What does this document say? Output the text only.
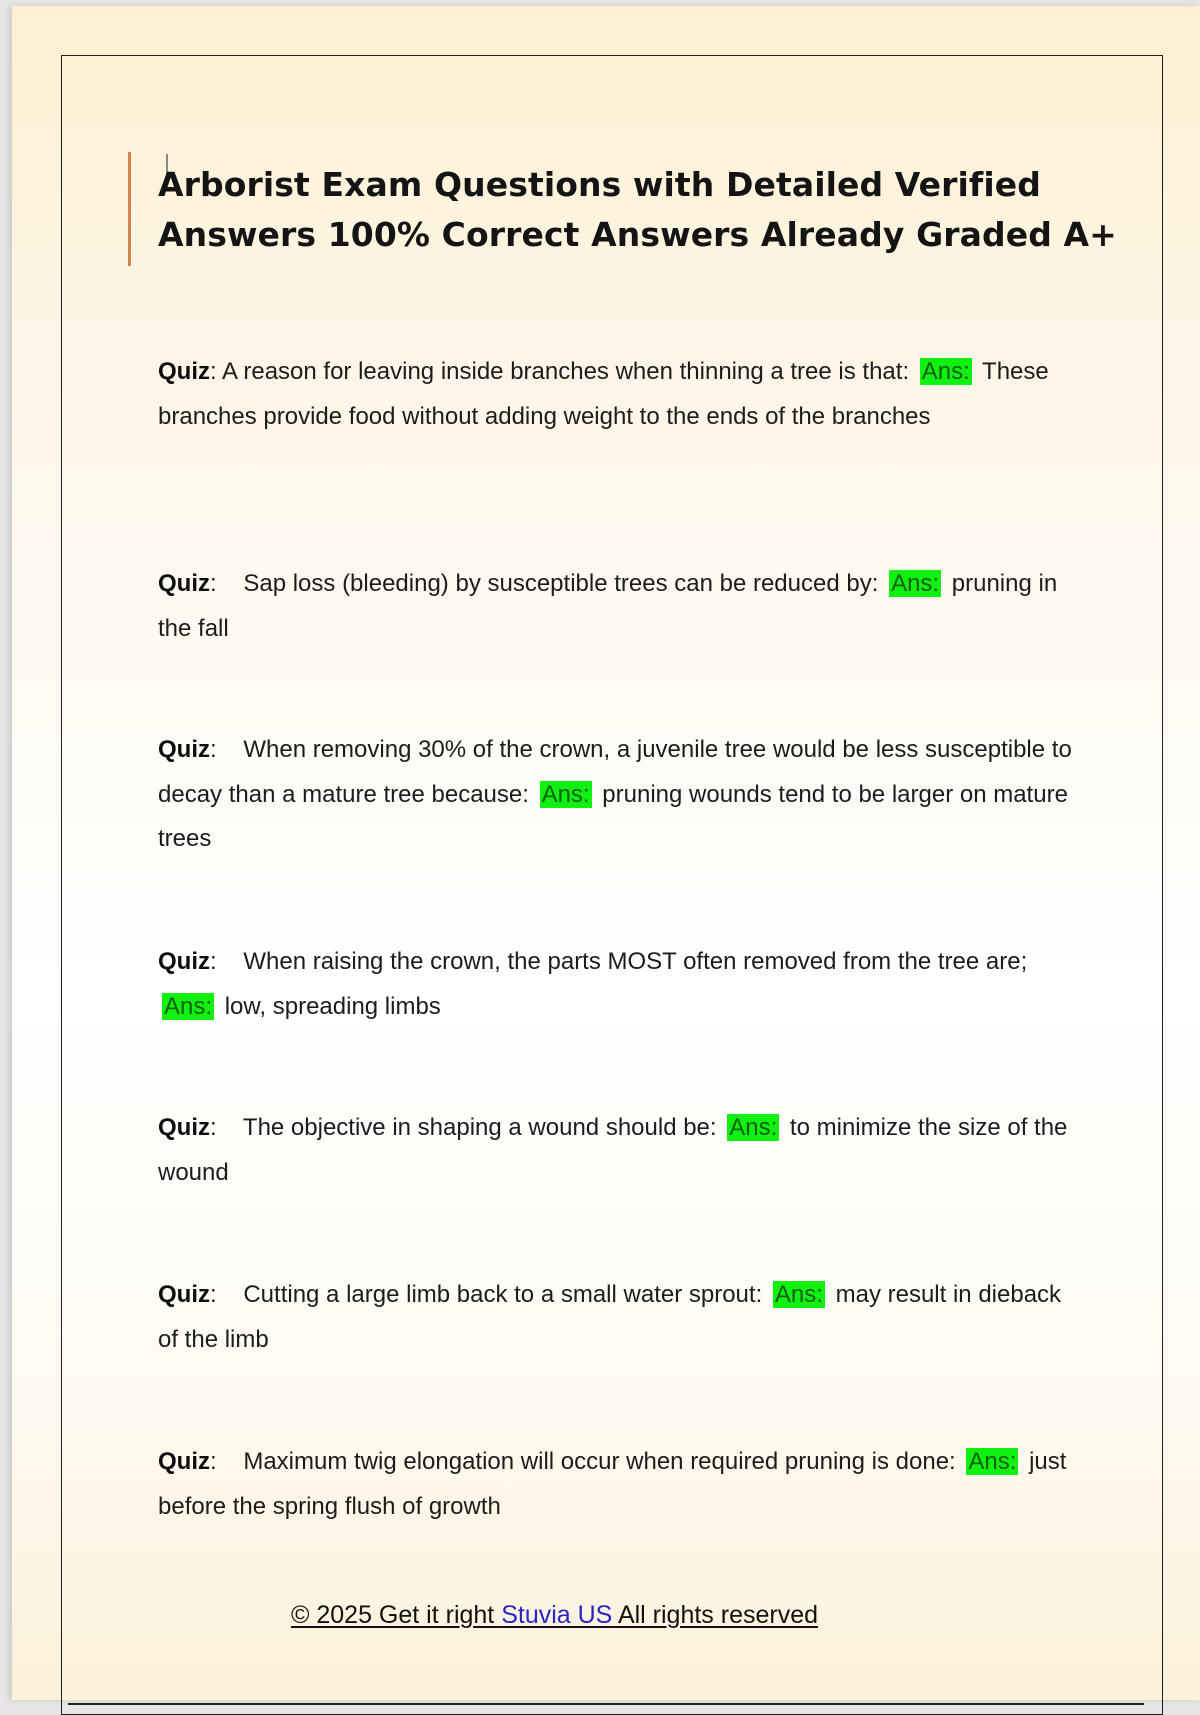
Arborist Exam Questions with Detailed Verified Answers 100% Correct Answers Already Graded A+

Quiz: A reason for leaving inside branches when thinning a tree is that: Ans: These branches provide food without adding weight to the ends of the branches

Quiz:    Sap loss (bleeding) by susceptible trees can be reduced by: Ans: pruning in the fall

Quiz:    When removing 30% of the crown, a juvenile tree would be less susceptible to decay than a mature tree because: Ans: pruning wounds tend to be larger on mature trees

Quiz:    When raising the crown, the parts MOST often removed from the tree are; Ans: low, spreading limbs

Quiz:    The objective in shaping a wound should be: Ans: to minimize the size of the wound

Quiz:    Cutting a large limb back to a small water sprout: Ans: may result in dieback of the limb

Quiz:    Maximum twig elongation will occur when required pruning is done: Ans: just before the spring flush of growth

© 2025 Get it right Stuvia US All rights reserved
